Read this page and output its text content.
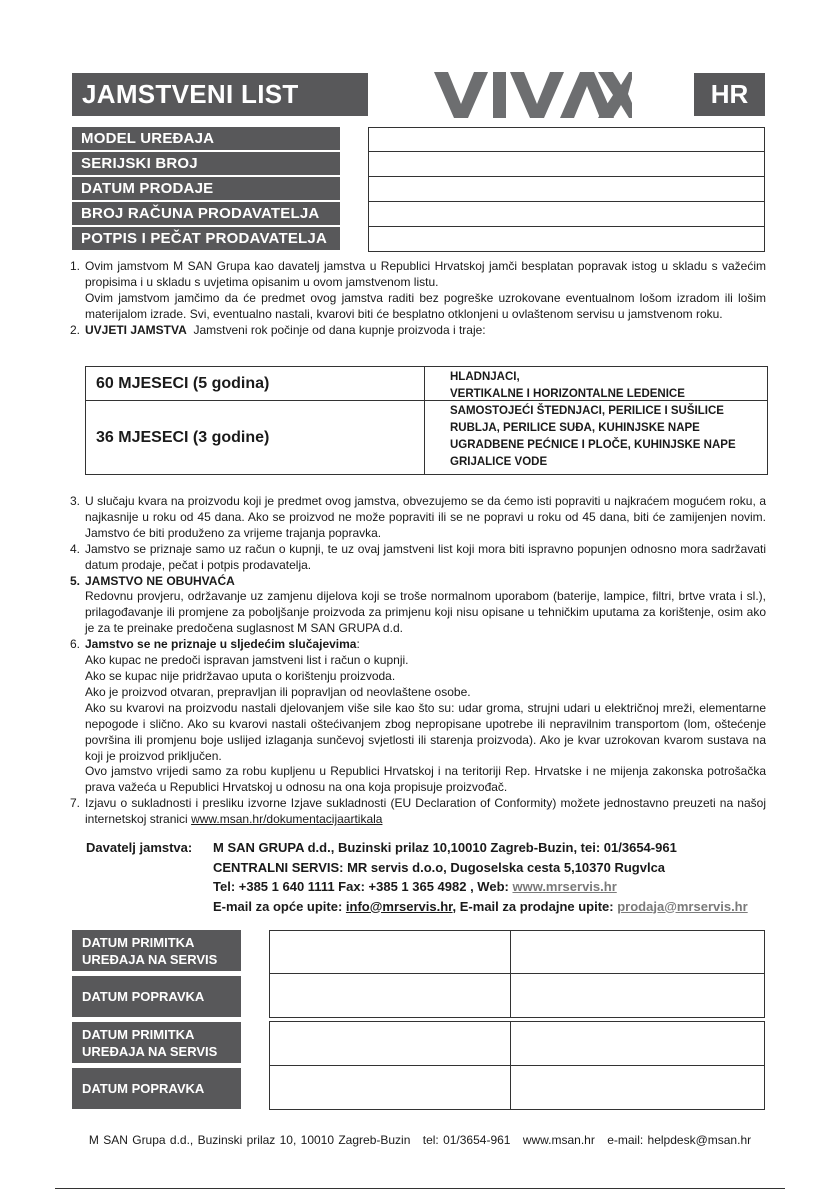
JAMSTVENI LIST	HR
MODEL UREĐAJA
SERIJSKI BROJ
DATUM PRODAJE
BROJ RAČUNA PRODAVATELJA
POTPIS I PEČAT PRODAVATELJA
1. Ovim jamstvom M SAN Grupa kao davatelj jamstva u Republici Hrvatskoj jamči besplatan popravak istog u skladu s važećim propisima i u skladu s uvjetima opisanim u ovom jamstvenom listu.

Ovim jamstvom jamčimo da će predmet ovog jamstva raditi bez pogreške uzrokovane eventualnom lošom izradom ili lošim materijalom izrade. Svi, eventualno nastali, kvarovi biti će besplatno otklonjeni u ovlaštenom servisu u jamstvenom roku.

2. UVJETI JAMSTVA Jamstveni rok počinje od dana kupnje proizvoda i traje:

60 MJESECI (5 godina)	HLADNJACI,
VERTIKALNE I HORIZONTALNE LEDENICE
36 MJESECI (3 godine)
SAMOSTOJEĆI ŠTEDNJACI, PERILICE I SUŠILICE
RUBLJA, PERILICE SUĐA, KUHINJSKE NAPE
UGRADBENE PEĆNICE I PLOČE, KUHINJSKE NAPE
GRIJALICE VODE
3. U slučaju kvara na proizvodu koji je predmet ovog jamstva, obvezujemo se da ćemo isti popraviti u najkraćem mogućem roku, a najkasnije u roku od 45 dana. Ako se proizvod ne može popraviti ili se ne popravi u roku od 45 dana, biti će zamijenjen novim. Jamstvo će biti produženo za vrijeme trajanja popravka.

4. Jamstvo se priznaje samo uz račun o kupnji, te uz ovaj jamstveni list koji mora biti ispravno popunjen odnosno mora sadržavati datum prodaje, pečat i potpis prodavatelja.

5. JAMSTVO NE OBUHVAĆA

Redovnu provjeru, održavanje uz zamjenu dijelova koji se troše normalnom uporabom (baterije, lampice, filtri, brtve vrata i sl.), prilagođavanje ili promjene za poboljšanje proizvoda za primjenu koji nisu opisane u tehničkim uputama za korištenje, osim ako je za te preinake predočena suglasnost M SAN GRUPA d.d.

6. Jamstvo se ne priznaje u sljedećim slučajevima:

Ako kupac ne predoči ispravan jamstveni list i račun o kupnji.

Ako se kupac nije pridržavao uputa o korištenju proizvoda.

Ako je proizvod otvaran, prepravljan ili popravljan od neovlaštene osobe.

Ako su kvarovi na proizvodu nastali djelovanjem više sile kao što su: udar groma, strujni udari u električnoj mreži, elementarne nepogode i slično. Ako su kvarovi nastali oštećivanjem zbog nepropisane upotrebe ili nepravilnim transportom (lom, oštećenje površina ili promjenu boje uslijed izlaganja sunčevoj svjetlosti ili starenja proizvoda). Ako je kvar uzrokovan kvarom sustava na koji je proizvod priključen.

Ovo jamstvo vrijedi samo za robu kupljenu u Republici Hrvatskoj i na teritoriji Rep. Hrvatske i ne mijenja zakonska potrošačka prava važeća u Republici Hrvatskoj u odnosu na ona koja propisuje proizvođač.

7. Izjavu o sukladnosti i presliku izvorne Izjave sukladnosti (EU Declaration of Conformity) možete jednostavno preuzeti na našoj internetskoj stranici www.msan.hr/dokumentacijaartikala

Davatelj jamstva: M SAN GRUPA d.d., Buzinski prilaz 10,10010 Zagreb-Buzin, tei: 01/3654-961
CENTRALNI SERVIS: MR servis d.o.o, Dugoselska cesta 5,10370 Rugvlca
Tel: +385 1 640 1111 Fax: +385 1 365 4982 , Web: www.mrservis.hr
E-mail za opće upite: info@mrservis.hr, E-mail za prodajne upite: prodaja@mrservis.hr
DATUM PRIMITKA
UREĐAJA NA SERVIS
DATUM POPRAVKA
DATUM PRIMITKA
UREĐAJA NA SERVIS
DATUM POPRAVKA
M SAN Grupa d.d., Buzinski prilaz 10, 10010 Zagreb-Buzin tel: 01/3654-961 www.msan.hr e-mail: helpdesk@msan.hr
